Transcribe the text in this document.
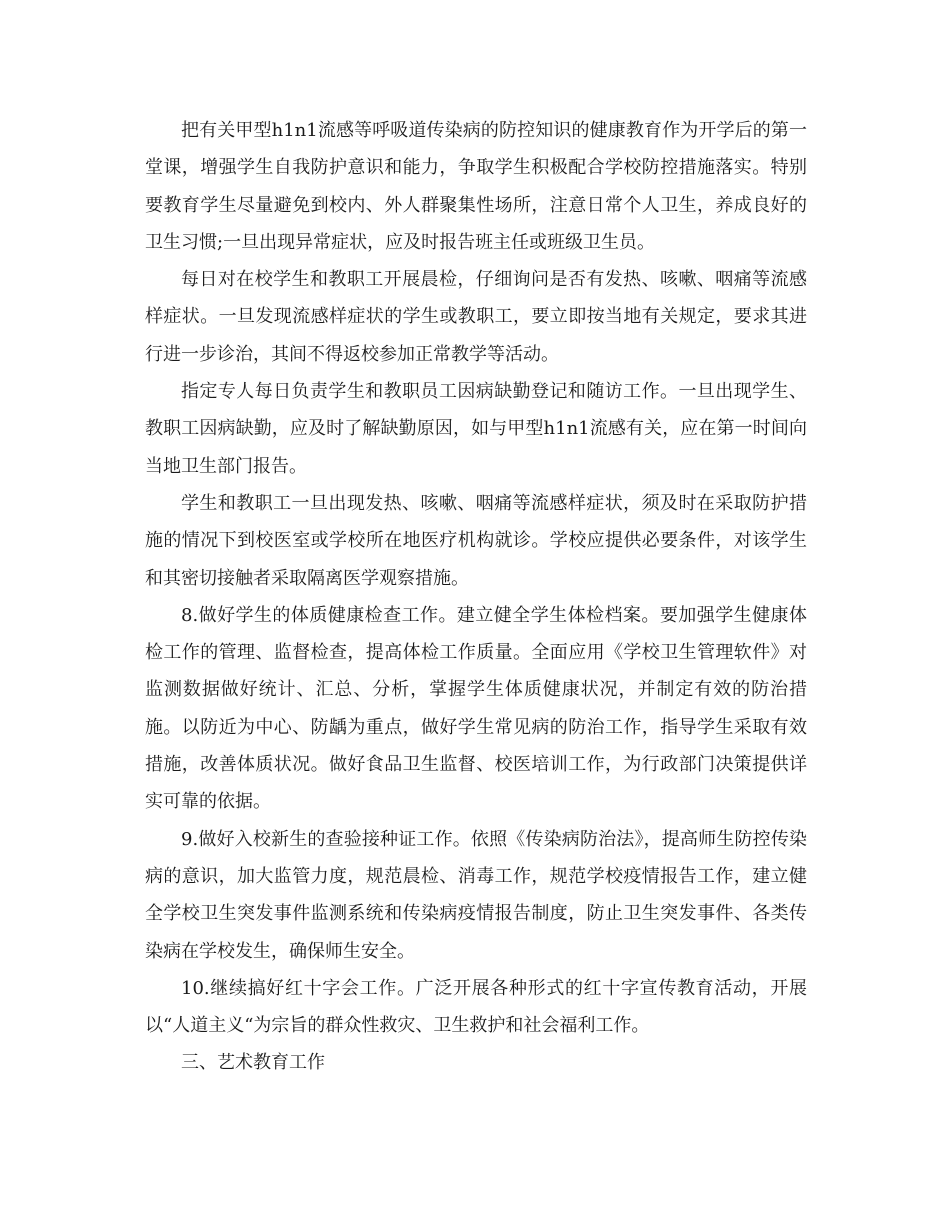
把有关甲型h1n1流感等呼吸道传染病的防控知识的健康教育作为开学后的第一堂课，增强学生自我防护意识和能力，争取学生积极配合学校防控措施落实。特别要教育学生尽量避免到校内、外人群聚集性场所，注意日常个人卫生，养成良好的卫生习惯;一旦出现异常症状，应及时报告班主任或班级卫生员。

每日对在校学生和教职工开展晨检，仔细询问是否有发热、咳嗽、咽痛等流感样症状。一旦发现流感样症状的学生或教职工，要立即按当地有关规定，要求其进行进一步诊治，其间不得返校参加正常教学等活动。

指定专人每日负责学生和教职员工因病缺勤登记和随访工作。一旦出现学生、教职工因病缺勤，应及时了解缺勤原因，如与甲型h1n1流感有关，应在第一时间向当地卫生部门报告。

学生和教职工一旦出现发热、咳嗽、咽痛等流感样症状，须及时在采取防护措施的情况下到校医室或学校所在地医疗机构就诊。学校应提供必要条件，对该学生和其密切接触者采取隔离医学观察措施。

8.做好学生的体质健康检查工作。建立健全学生体检档案。要加强学生健康体检工作的管理、监督检查，提高体检工作质量。全面应用《学校卫生管理软件》对监测数据做好统计、汇总、分析，掌握学生体质健康状况，并制定有效的防治措施。以防近为中心、防龋为重点，做好学生常见病的防治工作，指导学生采取有效措施，改善体质状况。做好食品卫生监督、校医培训工作，为行政部门决策提供详实可靠的依据。

9.做好入校新生的查验接种证工作。依照《传染病防治法》，提高师生防控传染病的意识，加大监管力度，规范晨检、消毒工作，规范学校疫情报告工作，建立健全学校卫生突发事件监测系统和传染病疫情报告制度，防止卫生突发事件、各类传染病在学校发生，确保师生安全。

10.继续搞好红十字会工作。广泛开展各种形式的红十字宣传教育活动，开展以“人道主义“为宗旨的群众性救灾、卫生救护和社会福利工作。

三、艺术教育工作
